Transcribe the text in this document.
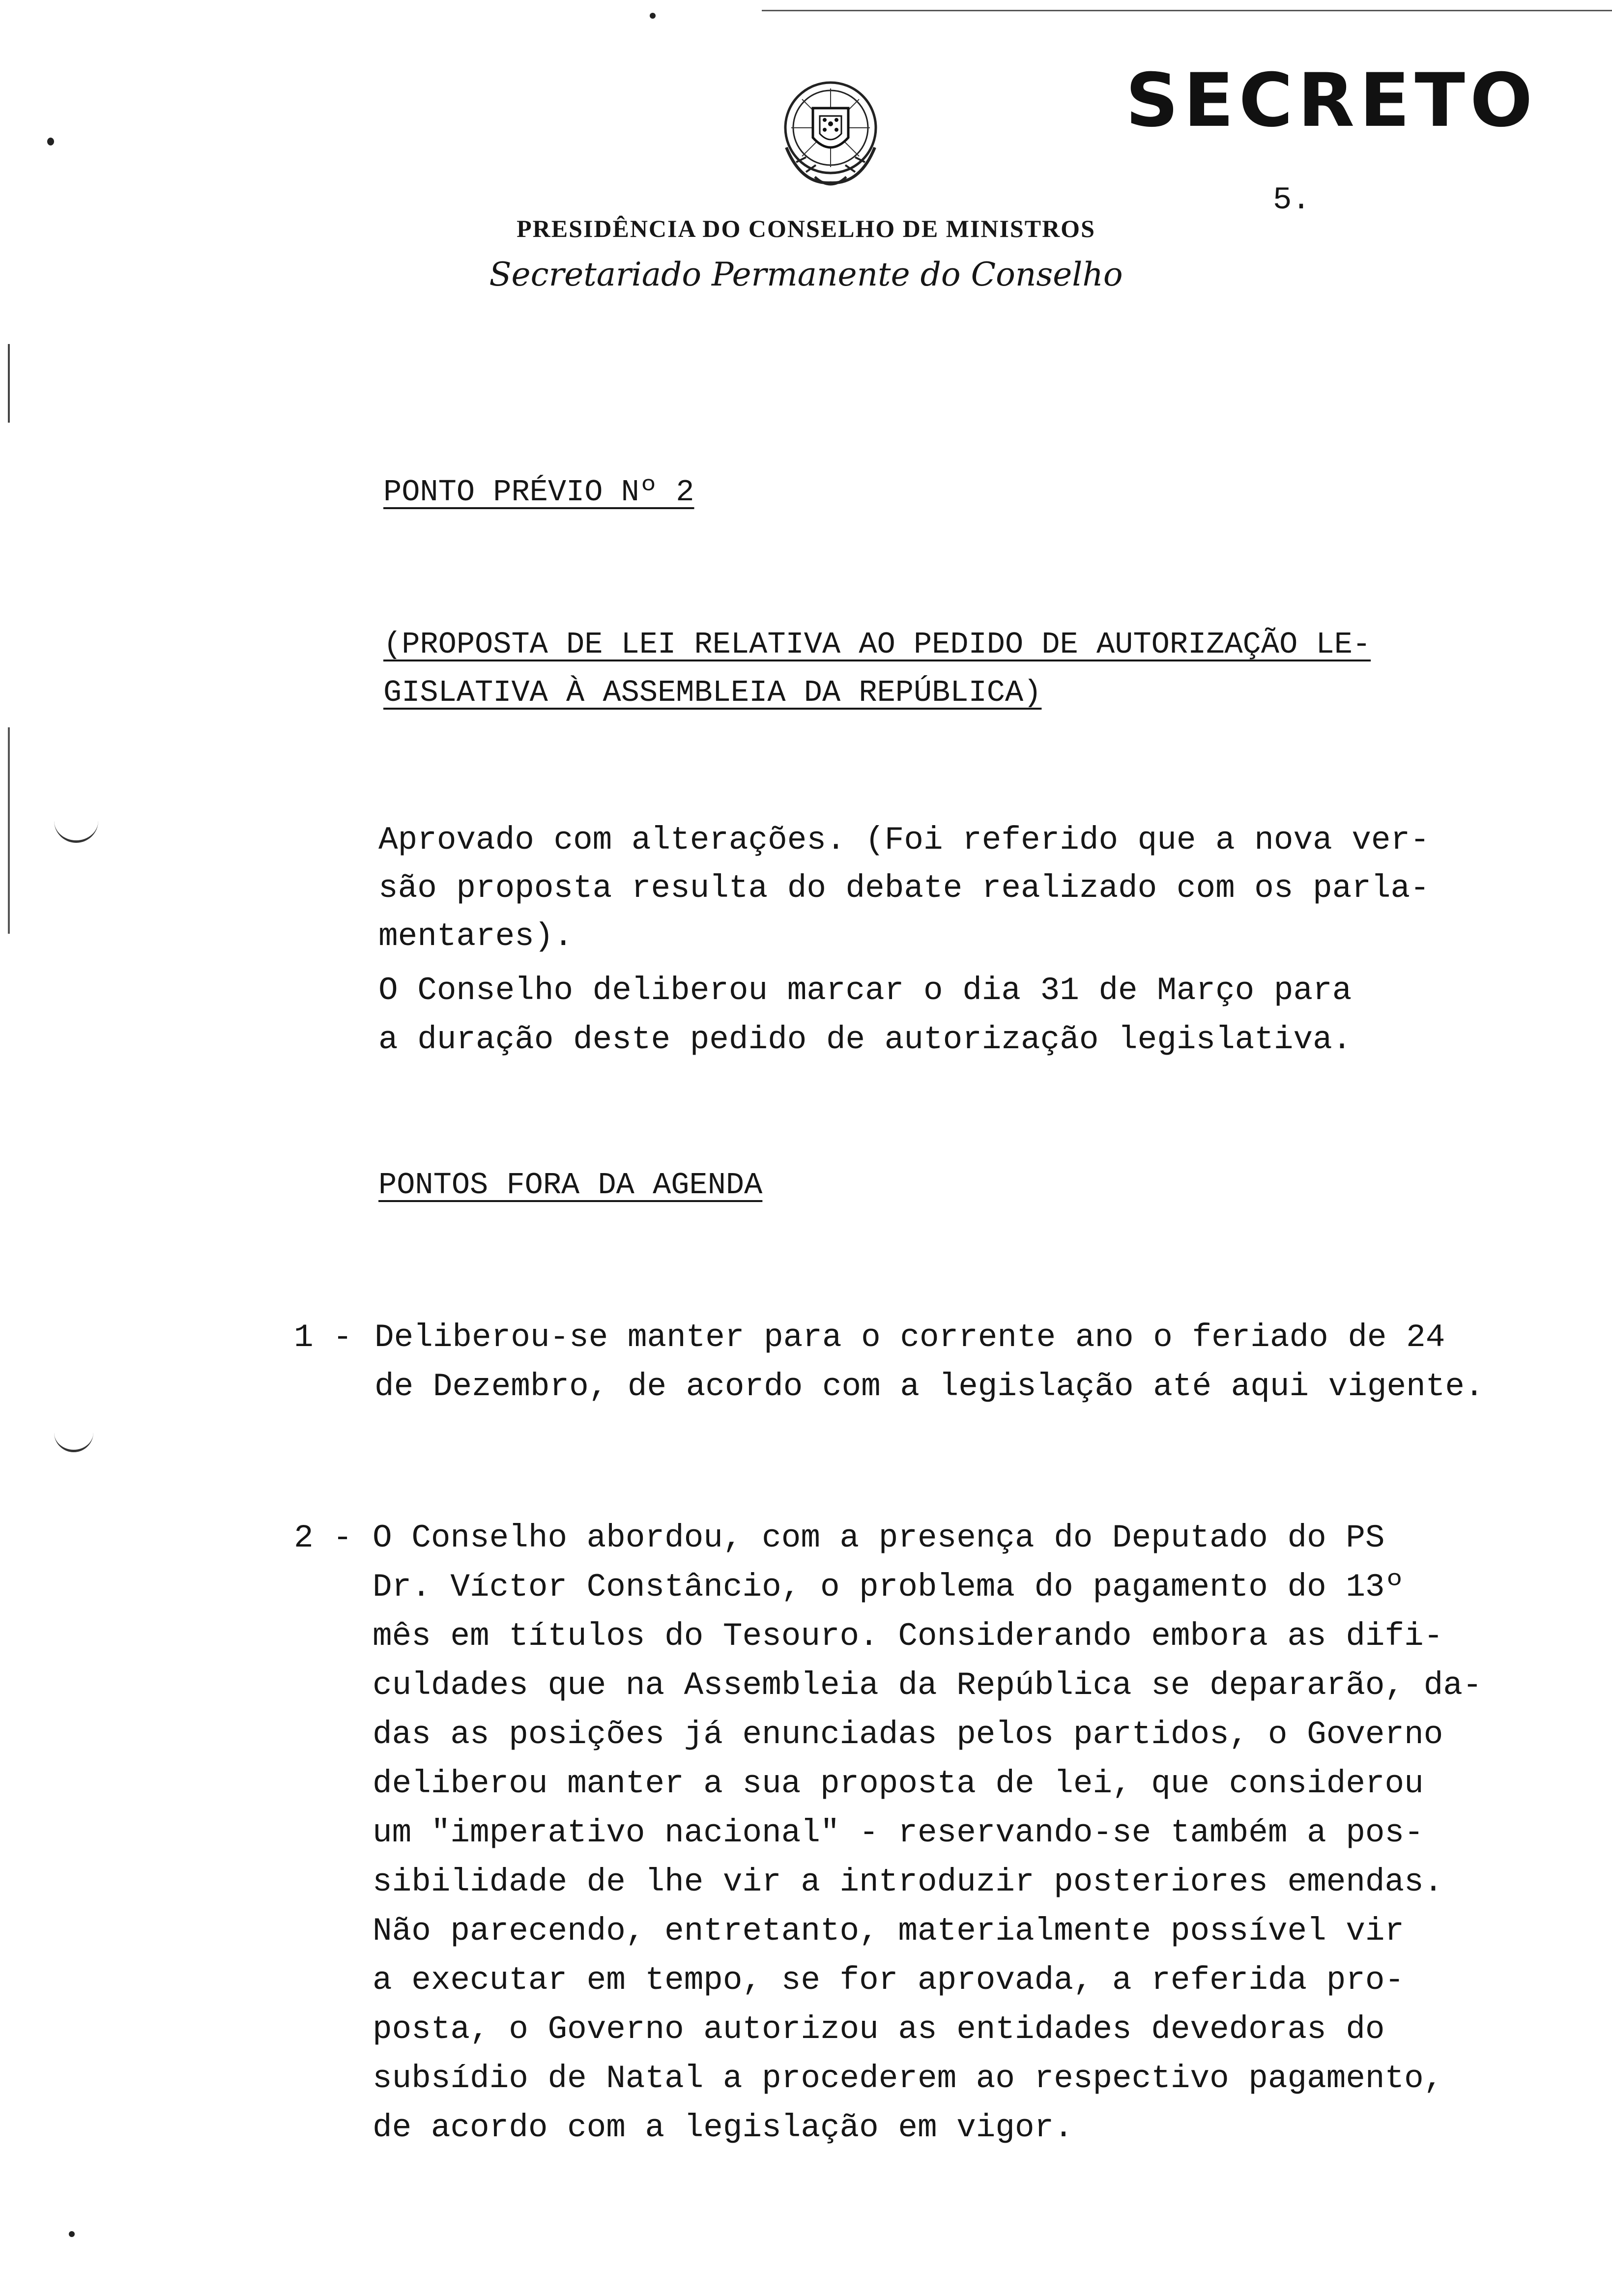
SECRETO
5.
PRESIDÊNCIA DO CONSELHO DE MINISTROS
Secretariado Permanente do Conselho
PONTO PRÉVIO Nº 2
(PROPOSTA DE LEI RELATIVA AO PEDIDO DE AUTORIZAÇÃO LE-
GISLATIVA À ASSEMBLEIA DA REPÚBLICA)
Aprovado com alterações. (Foi referido que a nova ver-
são proposta resulta do debate realizado com os parla-
mentares).
O Conselho deliberou marcar o dia 31 de Março para
a duração deste pedido de autorização legislativa.
PONTOS FORA DA AGENDA
1 - Deliberou-se manter para o corrente ano o feriado de 24
de Dezembro, de acordo com a legislação até aqui vigente.
2 - O Conselho abordou, com a presença do Deputado do PS
Dr. Víctor Constâncio, o problema do pagamento do 13º
mês em títulos do Tesouro. Considerando embora as difi-
culdades que na Assembleia da República se depararão, da-
das as posições já enunciadas pelos partidos, o Governo
deliberou manter a sua proposta de lei, que considerou
um "imperativo nacional" - reservando-se também a pos-
sibilidade de lhe vir a introduzir posteriores emendas.
Não parecendo, entretanto, materialmente possível vir
a executar em tempo, se for aprovada, a referida pro-
posta, o Governo autorizou as entidades devedoras do
subsídio de Natal a procederem ao respectivo pagamento,
de acordo com a legislação em vigor.
